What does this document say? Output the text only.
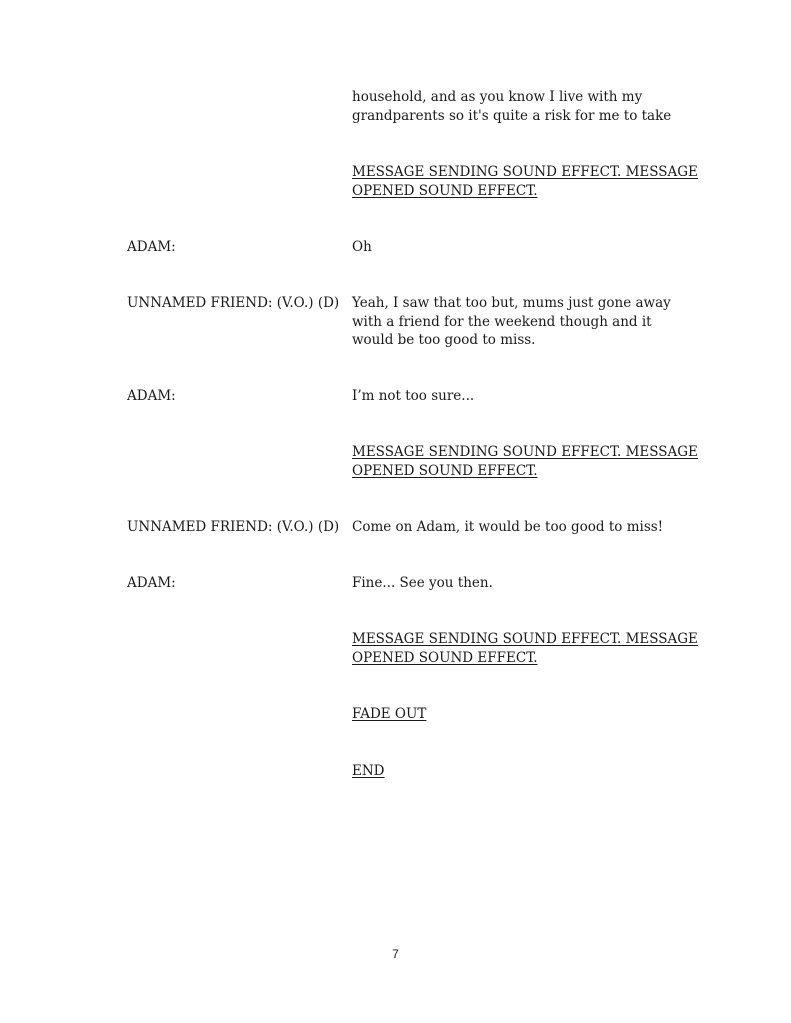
household, and as you know I live with my
grandparents so it's quite a risk for me to take
MESSAGE SENDING SOUND EFFECT. MESSAGE
OPENED SOUND EFFECT.
ADAM:	Oh
UNNAMED FRIEND: (V.O.) (D) Yeah, I saw that too but, mums just gone away
with a friend for the weekend though and it
would be too good to miss.
ADAM:	I’m not too sure...
MESSAGE SENDING SOUND EFFECT. MESSAGE
OPENED SOUND EFFECT.
UNNAMED FRIEND: (V.O.) (D) Come on Adam, it would be too good to miss!
ADAM:	Fine... See you then.
MESSAGE SENDING SOUND EFFECT. MESSAGE
OPENED SOUND EFFECT.
FADE OUT
END
7
